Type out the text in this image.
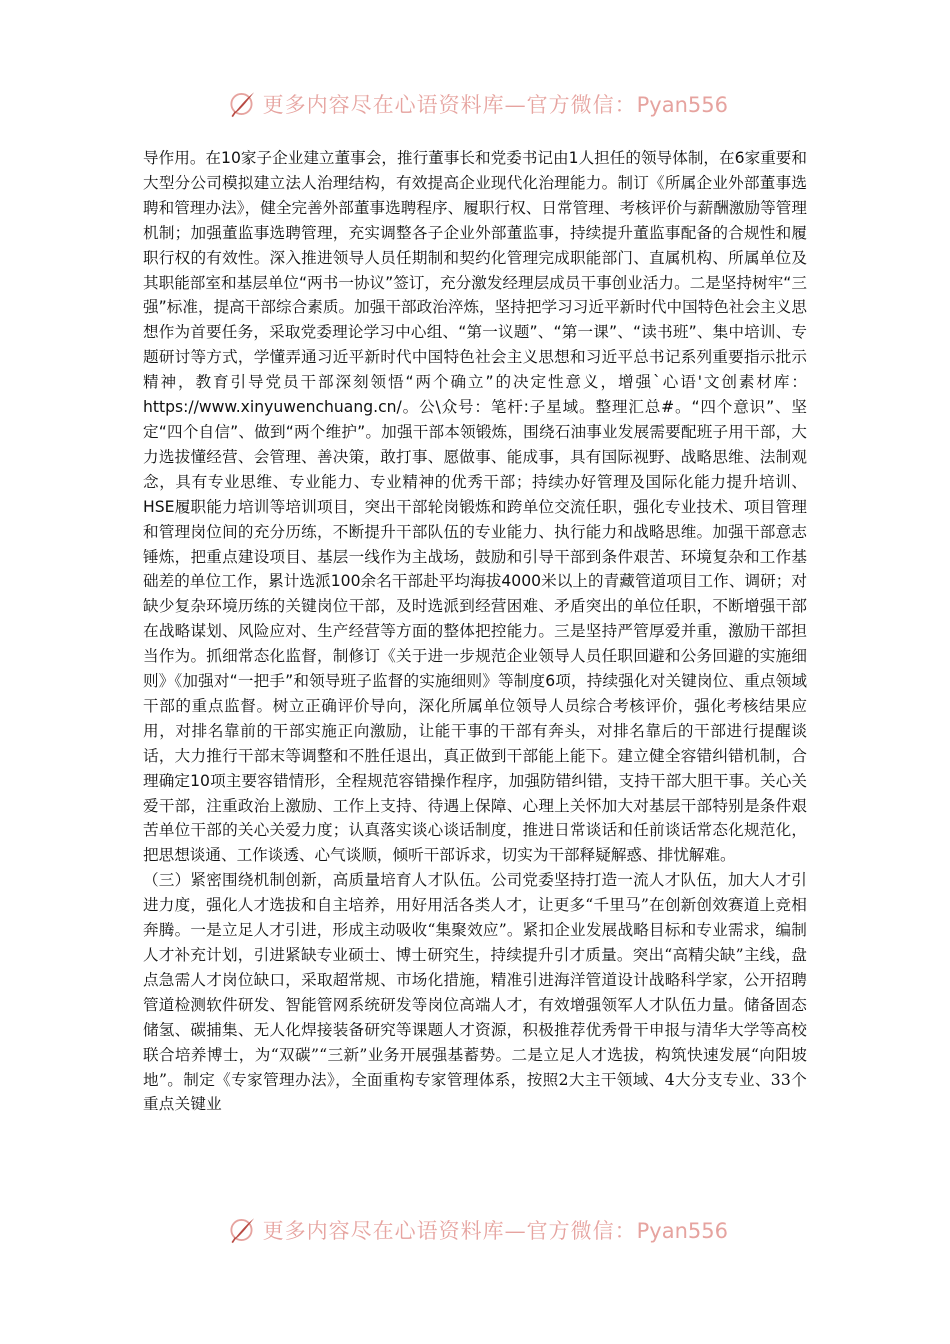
更多内容尽在心语资料库—官方微信：Pyan556

导作用。在10家子企业建立董事会，推行董事长和党委书记由1人担任的领导体制，在6家重要和大型分公司模拟建立法人治理结构，有效提高企业现代化治理能力。制订《所属企业外部董事选聘和管理办法》，健全完善外部董事选聘程序、履职行权、日常管理、考核评价与薪酬激励等管理机制；加强董监事选聘管理，充实调整各子企业外部董监事，持续提升董监事配备的合规性和履职行权的有效性。深入推进领导人员任期制和契约化管理完成职能部门、直属机构、所属单位及其职能部室和基层单位“两书一协议”签订，充分激发经理层成员干事创业活力。二是坚持树牢“三强”标准，提高干部综合素质。加强干部政治淬炼，坚持把学习习近平新时代中国特色社会主义思想作为首要任务，采取党委理论学习中心组、“第一议题”、“第一课”、“读书班”、集中培训、专题研讨等方式，学懂弄通习近平新时代中国特色社会主义思想和习近平总书记系列重要指示批示精神，教育引导党员干部深刻领悟“两个确立”的决定性意义，增强`心语'文创素材库：https://www.xinyuwenchuang.cn/。公\众号：笔杆:子星域。整理汇总#。“四个意识”、坚定“四个自信”、做到“两个维护”。加强干部本领锻炼，围绕石油事业发展需要配班子用干部，大力选拔懂经营、会管理、善决策，敢打事、愿做事、能成事，具有国际视野、战略思维、法制观念，具有专业思维、专业能力、专业精神的优秀干部；持续办好管理及国际化能力提升培训、HSE履职能力培训等培训项目，突出干部轮岗锻炼和跨单位交流任职，强化专业技术、项目管理和管理岗位间的充分历练，不断提升干部队伍的专业能力、执行能力和战略思维。加强干部意志锤炼，把重点建设项目、基层一线作为主战场，鼓励和引导干部到条件艰苦、环境复杂和工作基础差的单位工作，累计选派100余名干部赴平均海拔4000米以上的青藏管道项目工作、调研；对缺少复杂环境历练的关键岗位干部，及时选派到经营困难、矛盾突出的单位任职，不断增强干部在战略谋划、风险应对、生产经营等方面的整体把控能力。三是坚持严管厚爱并重，激励干部担当作为。抓细常态化监督，制修订《关于进一步规范企业领导人员任职回避和公务回避的实施细则》《加强对“一把手”和领导班子监督的实施细则》等制度6项，持续强化对关键岗位、重点领域干部的重点监督。树立正确评价导向，深化所属单位领导人员综合考核评价，强化考核结果应用，对排名靠前的干部实施正向激励，让能干事的干部有奔头，对排名靠后的干部进行提醒谈话，大力推行干部末等调整和不胜任退出，真正做到干部能上能下。建立健全容错纠错机制，合理确定10项主要容错情形，全程规范容错操作程序，加强防错纠错，支持干部大胆干事。关心关爱干部，注重政治上激励、工作上支持、待遇上保障、心理上关怀加大对基层干部特别是条件艰苦单位干部的关心关爱力度；认真落实谈心谈话制度，推进日常谈话和任前谈话常态化规范化，把思想谈通、工作谈透、心气谈顺，倾听干部诉求，切实为干部释疑解惑、排忧解难。

（三）紧密围绕机制创新，高质量培育人才队伍。公司党委坚持打造一流人才队伍，加大人才引进力度，强化人才选拔和自主培养，用好用活各类人才，让更多“千里马”在创新创效赛道上竞相奔腾。一是立足人才引进，形成主动吸收“集聚效应”。紧扣企业发展战略目标和专业需求，编制人才补充计划，引进紧缺专业硕士、博士研究生，持续提升引才质量。突出“高精尖缺”主线，盘点急需人才岗位缺口，采取超常规、市场化措施，精准引进海洋管道设计战略科学家，公开招聘管道检测软件研发、智能管网系统研发等岗位高端人才，有效增强领军人才队伍力量。储备固态储氢、碳捕集、无人化焊接装备研究等课题人才资源，积极推荐优秀骨干申报与清华大学等高校联合培养博士，为“双碳”“三新”业务开展强基蓄势。二是立足人才选拔，构筑快速发展“向阳坡地”。制定《专家管理办法》，全面重构专家管理体系，按照2大主干领域、4大分支专业、33个重点关键业

更多内容尽在心语资料库—官方微信：Pyan556
